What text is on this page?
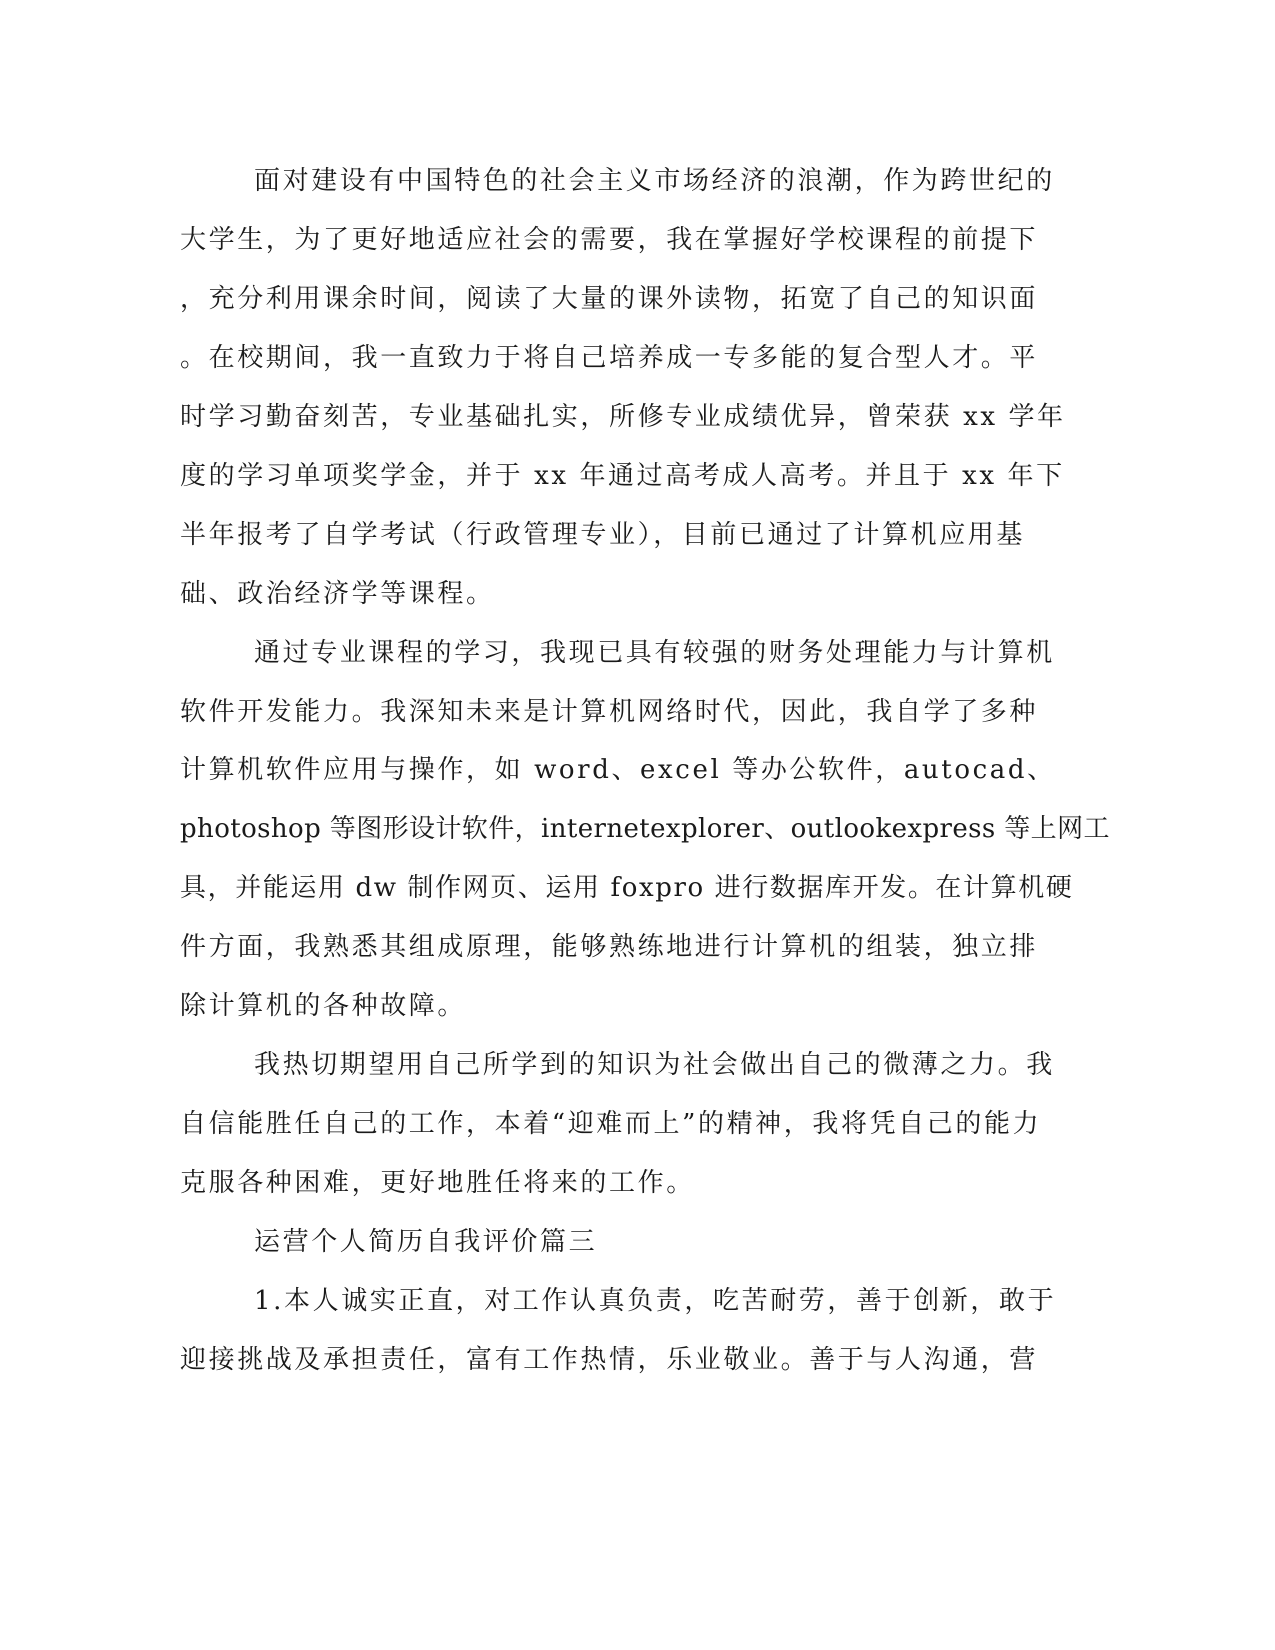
面对建设有中国特色的社会主义市场经济的浪潮，作为跨世纪的
大学生，为了更好地适应社会的需要，我在掌握好学校课程的前提下
，充分利用课余时间，阅读了大量的课外读物，拓宽了自己的知识面
。在校期间，我一直致力于将自己培养成一专多能的复合型人才。平
时学习勤奋刻苦，专业基础扎实，所修专业成绩优异，曾荣获 xx 学年
度的学习单项奖学金，并于 xx 年通过高考成人高考。并且于 xx 年下
半年报考了自学考试（行政管理专业），目前已通过了计算机应用基
础、政治经济学等课程。
通过专业课程的学习，我现已具有较强的财务处理能力与计算机
软件开发能力。我深知未来是计算机网络时代，因此，我自学了多种
计算机软件应用与操作，如 word、excel 等办公软件，autocad、
photoshop 等图形设计软件，internetexplorer、outlookexpress 等上网工
具，并能运用 dw 制作网页、运用 foxpro 进行数据库开发。在计算机硬
件方面，我熟悉其组成原理，能够熟练地进行计算机的组装，独立排
除计算机的各种故障。
我热切期望用自己所学到的知识为社会做出自己的微薄之力。我
自信能胜任自己的工作，本着“迎难而上”的精神，我将凭自己的能力
克服各种困难，更好地胜任将来的工作。
运营个人简历自我评价篇三
1.本人诚实正直，对工作认真负责，吃苦耐劳，善于创新，敢于
迎接挑战及承担责任，富有工作热情，乐业敬业。善于与人沟通，营
